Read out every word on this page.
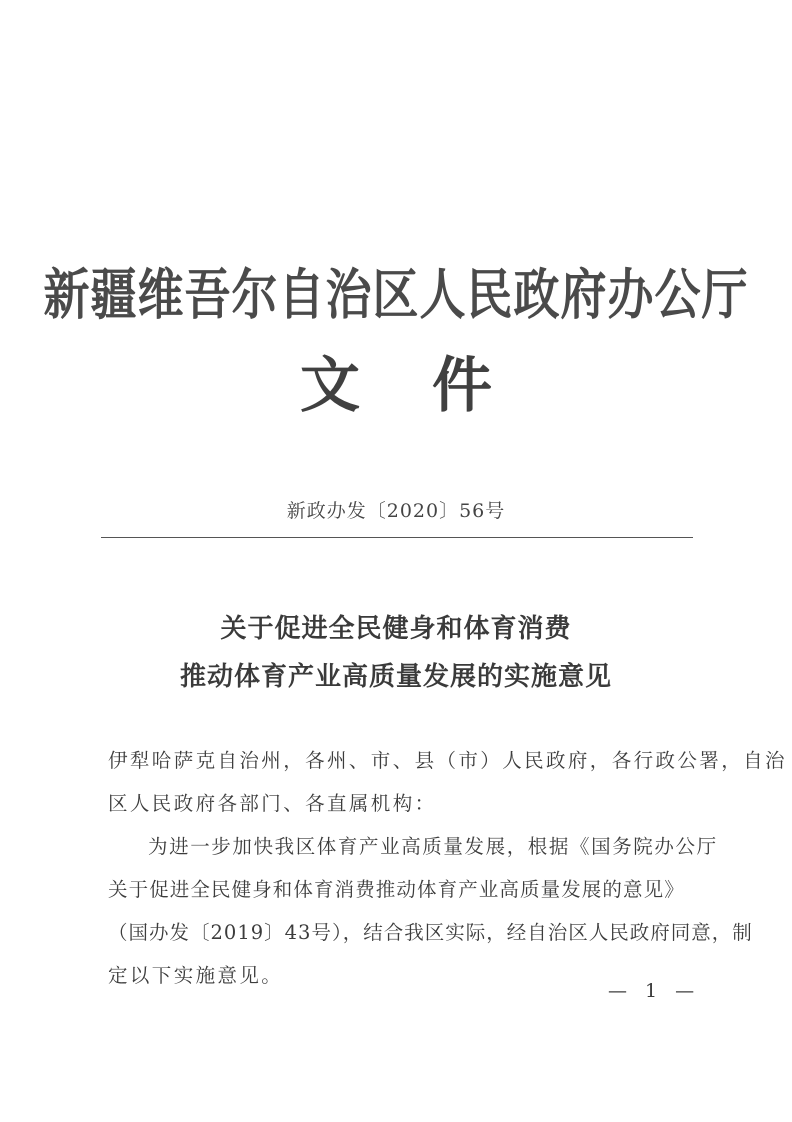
新疆维吾尔自治区人民政府办公厅
文件
新政办发〔2020〕56号
关于促进全民健身和体育消费
推动体育产业高质量发展的实施意见
伊犁哈萨克自治州，各州、市、县（市）人民政府，各行政公署，自治
区人民政府各部门、各直属机构：
为进一步加快我区体育产业高质量发展，根据《国务院办公厅
关于促进全民健身和体育消费推动体育产业高质量发展的意见》
（国办发〔2019〕43号），结合我区实际，经自治区人民政府同意，制
定以下实施意见。
— 1 —
